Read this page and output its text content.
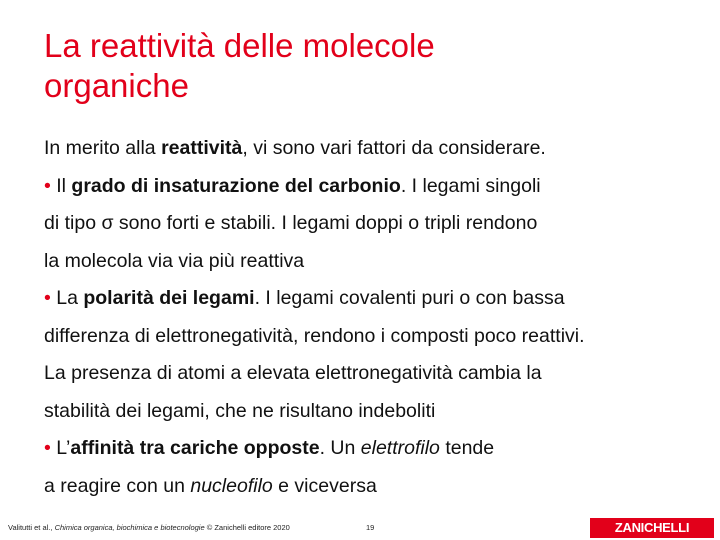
La reattività delle molecole
organiche
In merito alla reattività, vi sono vari fattori da considerare.
• Il grado di insaturazione del carbonio. I legami singoli
di tipo σ sono forti e stabili. I legami doppi o tripli rendono
la molecola via via più reattiva
• La polarità dei legami. I legami covalenti puri o con bassa
differenza di elettronegatività, rendono i composti poco reattivi.
La presenza di atomi a elevata elettronegatività cambia la
stabilità dei legami, che ne risultano indeboliti
• L’affinità tra cariche opposte. Un elettrofilo tende
a reagire con un nucleofilo e viceversa
Valitutti et al., Chimica organica, biochimica e biotecnologie © Zanichelli editore 2020	19	ZANICHELLI
